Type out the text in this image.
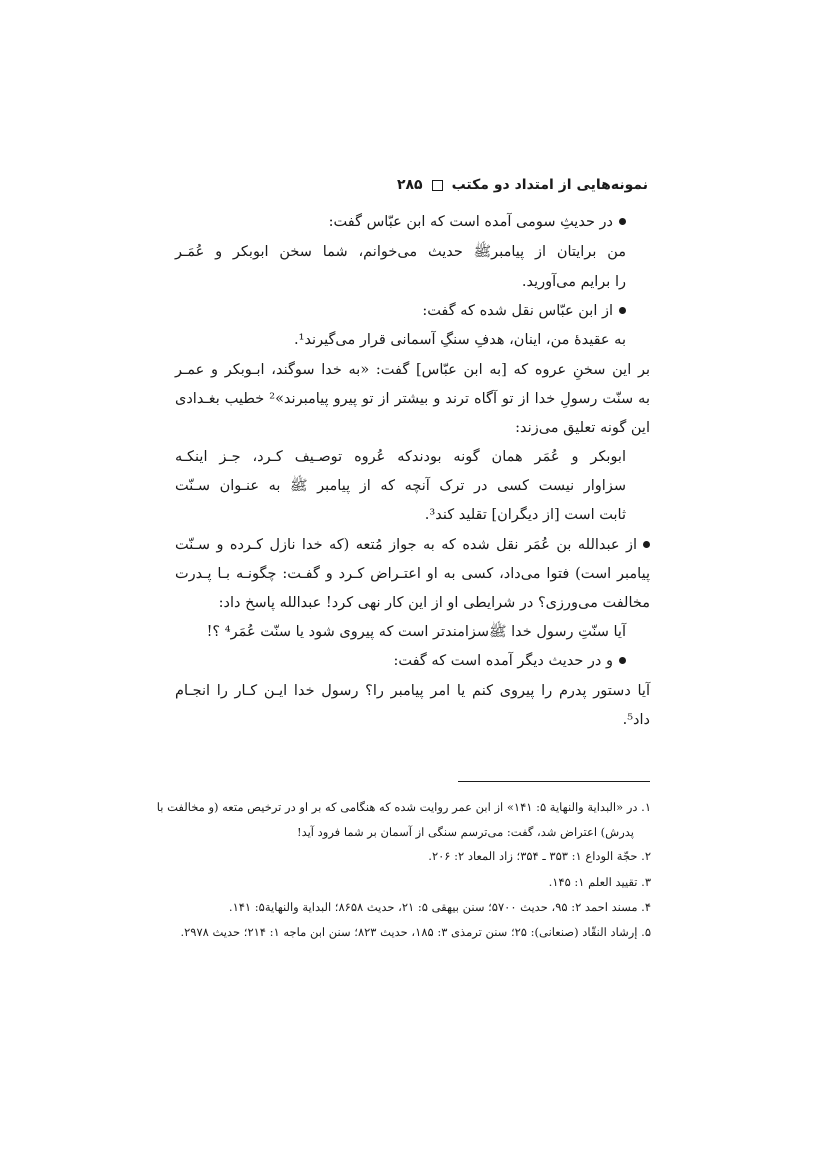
نمونه‌هایی از امتداد دو مکتب
۲۸۵
در حدیثِ سومی آمده است که ابن عبّاس گفت:
من برایتان از پیامبرﷺ حدیث می‌خوانم، شما سخن ابوبکر و عُمَـر
را برایم می‌آورید.
از ابن عبّاس نقل شده که گفت:
به عقیدهٔ من، اینان، هدفِ سنگِ آسمانی قرار می‌گیرند¹.
بر این سخنِ عروه که [به ابن عبّاس] گفت: «به خدا سوگند، ابـوبکر و عمـر
به سنّت رسولِ خدا از تو آگاه ترند و بیشتر از تو پیرو پیامبرند»² خطیب بغـدادی
این گونه تعلیق می‌زند:
ابوبکر و عُمَر همان گونه بودندکه عُروه توصـیف کـرد، جـز اینکـه
سزاوار نیست کسی در ترک آنچه که از پیامبر ﷺ به عنـوان سـنّت
ثابت است [از دیگران] تقلید کند³.
از عبدالله بن عُمَر نقل شده که به جواز مُتعه (که خدا نازل کـرده و سـنّت
پیامبر است) فتوا می‌داد، کسی به او اعتـراض کـرد و گفـت: چگونـه بـا پـدرت
مخالفت می‌ورزی؟ در شرایطی او از این کار نهی کرد! عبدالله پاسخ داد:
آیا سنّتِ رسول خدا ﷺسزامندتر است که پیروی شود یا سنّت عُمَر⁴ ؟!
و در حدیث دیگر آمده است که گفت:
آیا دستور پدرم را پیروی کنم یا امر پیامبر را؟ رسول خدا ایـن کـار را انجـام
داد⁵.
۱. در «البدایة والنهایة ۵: ۱۴۱» از ابن عمر روایت شده که هنگامی که بر او در ترخیص متعه (و مخالفت با
پدرش) اعتراض شد، گفت: می‌ترسم سنگی از آسمان بر شما فرود آید!
۲. حجّة الوداع ۱: ۳۵۳ ـ ۳۵۴؛ زاد المعاد ۲: ۲۰۶.
۳. تقیید العلم ۱: ۱۴۵.
۴. مسند احمد ۲: ۹۵، حدیث ۵۷۰۰؛ سنن بیهقی ۵: ۲۱، حدیث ۸۶۵۸؛ البدایة والنهایة۵: ۱۴۱.
۵. إرشاد النقّاد (صنعانی): ۲۵؛ سنن ترمذی ۳: ۱۸۵، حدیث ۸۲۳؛ سنن ابن ماجه ۱: ۲۱۴؛ حدیث ۲۹۷۸.
